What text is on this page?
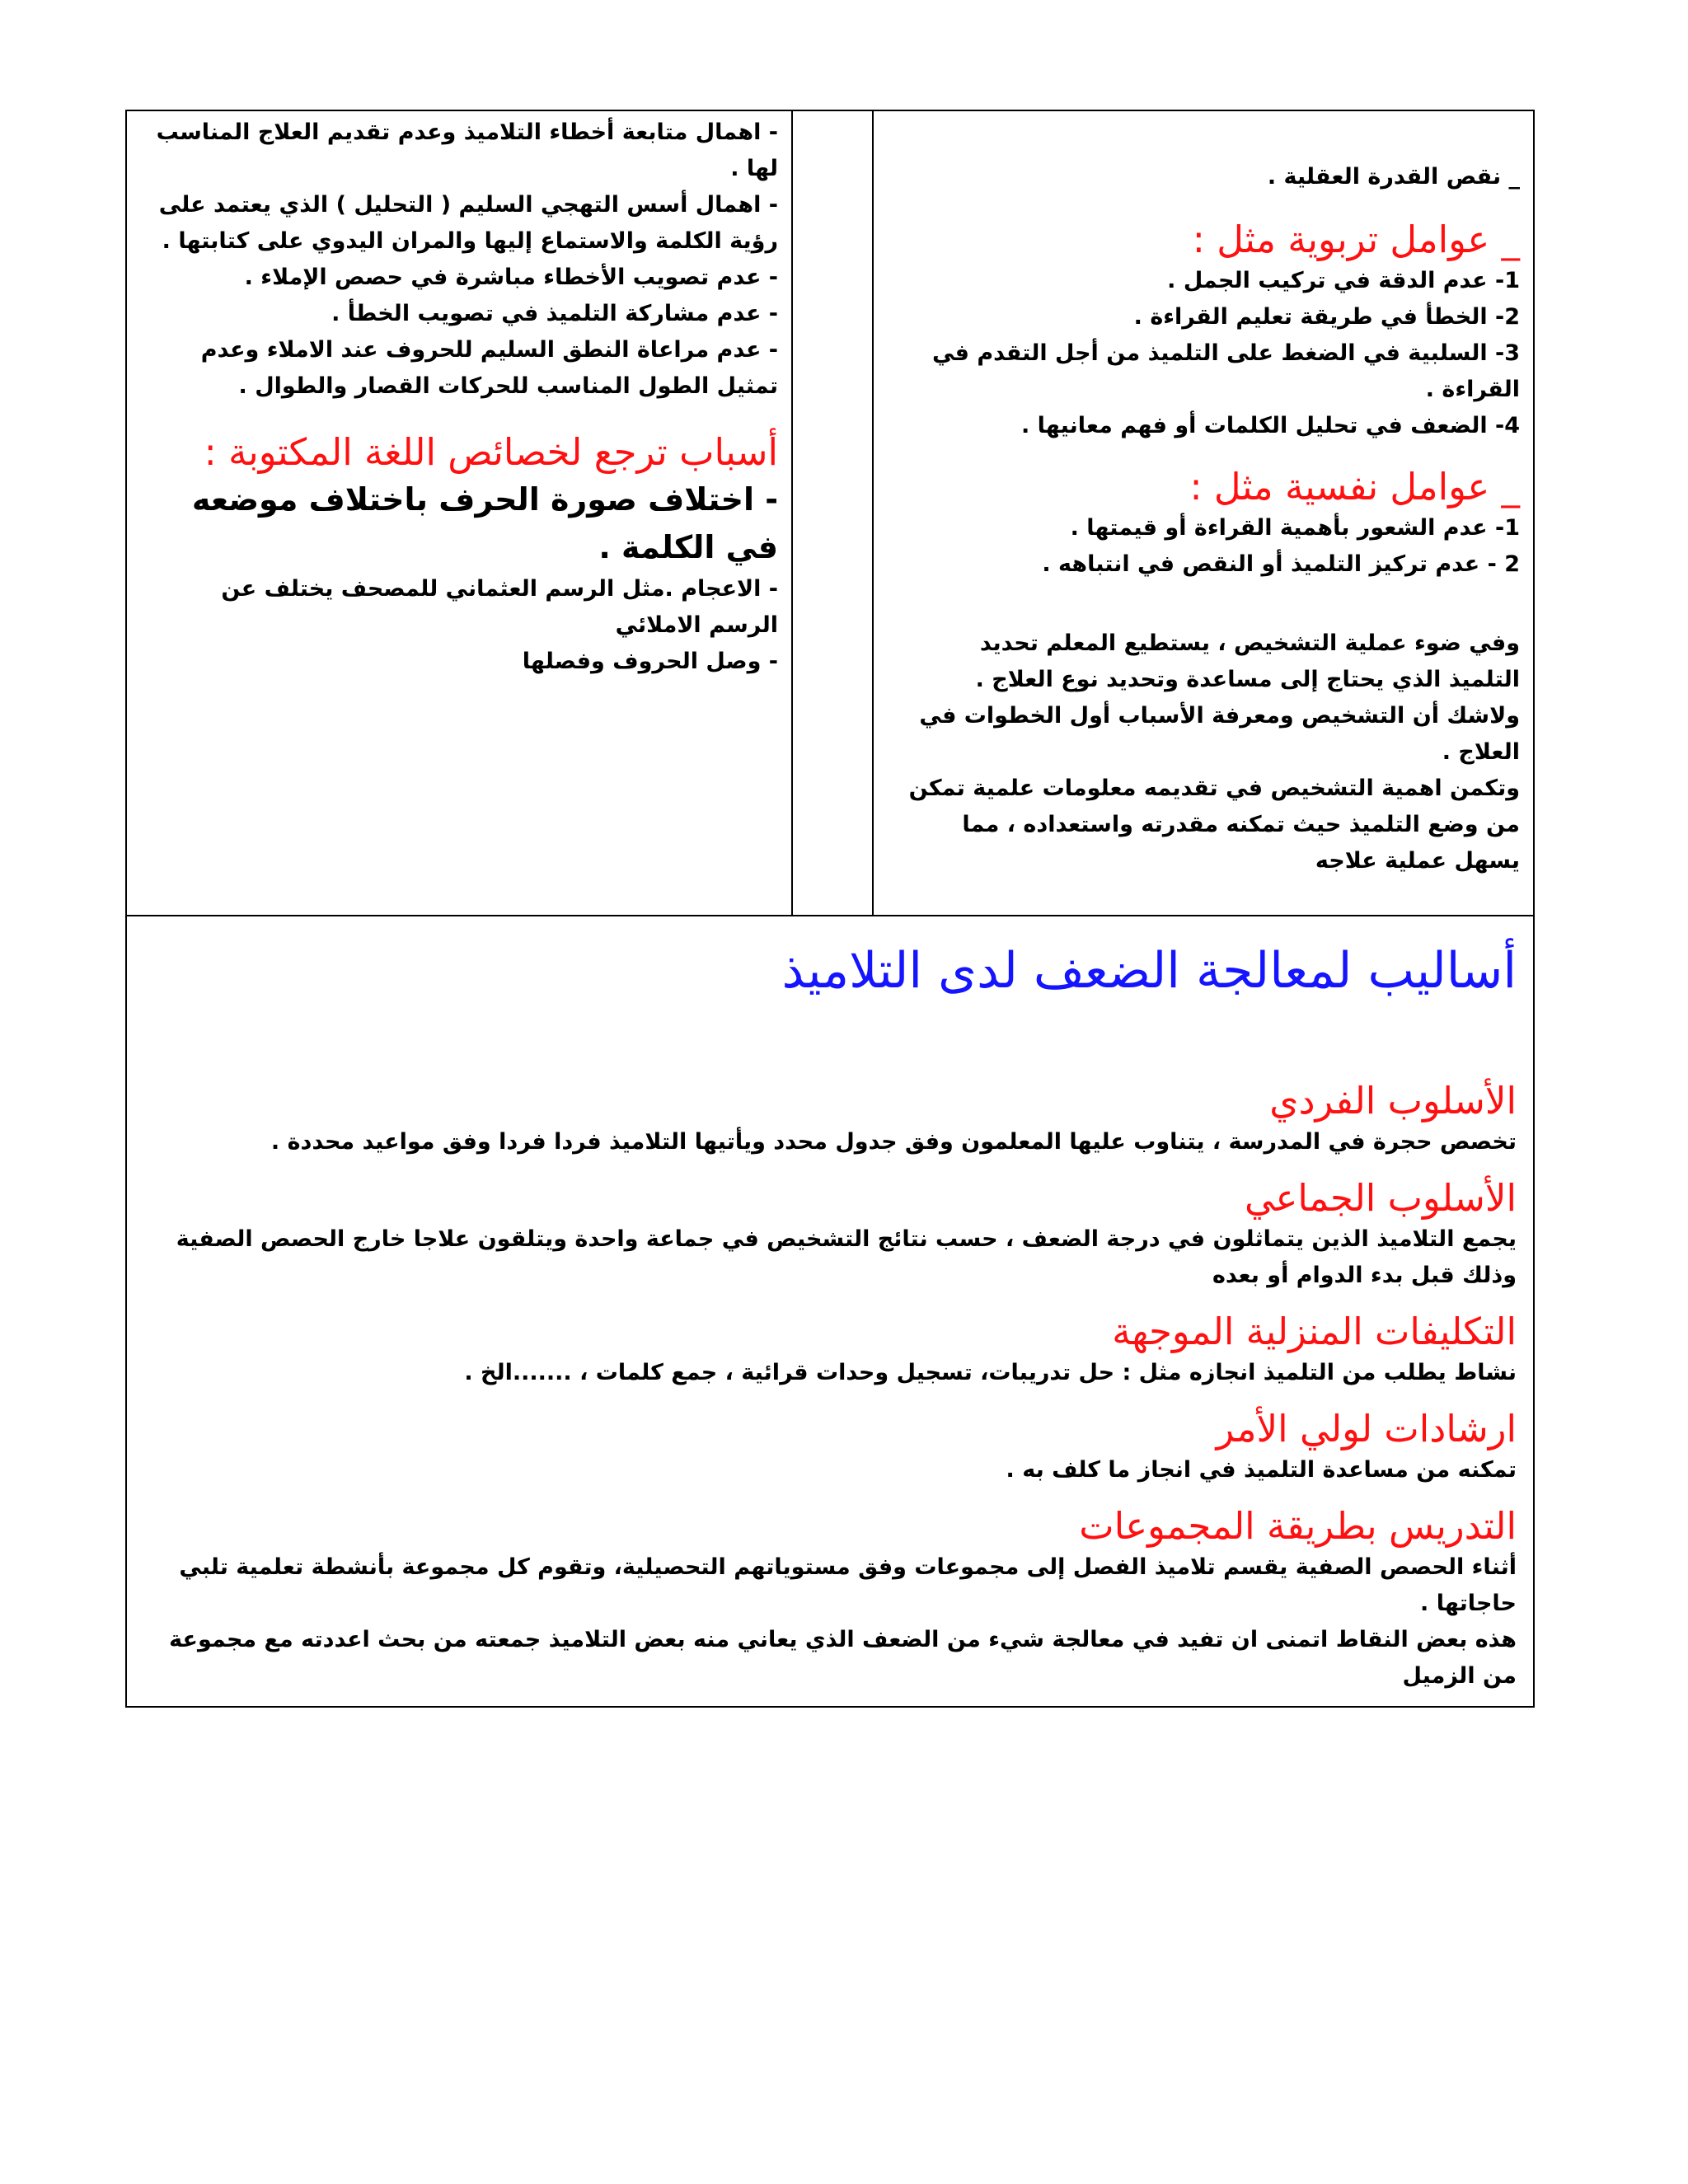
_ نقص القدرة العقلية .

_ عوامل تربوية مثل :

1- عدم الدقة في تركيب الجمل .

2- الخطأ في طريقة تعليم القراءة .

3- السلبية في الضغط على التلميذ من أجل التقدم في القراءة .

4- الضعف في تحليل الكلمات أو فهم معانيها .

_ عوامل نفسية مثل :

1- عدم الشعور بأهمية القراءة أو قيمتها .

2 - عدم تركيز التلميذ أو النقص في انتباهه .

وفي ضوء عملية التشخيص ، يستطيع المعلم تحديد التلميذ الذي يحتاج إلى مساعدة وتحديد نوع العلاج .

ولاشك أن التشخيص ومعرفة الأسباب أول الخطوات في العلاج .

وتكمن اهمية التشخيص في تقديمه معلومات علمية تمكن من وضع التلميذ حيث تمكنه مقدرته واستعداده ، مما يسهل عملية علاجه

- اهمال متابعة أخطاء التلاميذ وعدم تقديم العلاج المناسب لها .

- اهمال أسس التهجي السليم ( التحليل ) الذي يعتمد على رؤية الكلمة والاستماع إليها والمران اليدوي على كتابتها .

- عدم تصويب الأخطاء مباشرة في حصص الإملاء .

- عدم مشاركة التلميذ في تصويب الخطأ .

- عدم مراعاة النطق السليم للحروف عند الاملاء وعدم تمثيل الطول المناسب للحركات القصار والطوال .

أسباب ترجع لخصائص اللغة المكتوبة :

- اختلاف صورة الحرف باختلاف موضعه في الكلمة .

- الاعجام .مثل الرسم العثماني للمصحف يختلف عن الرسم الاملائي

- وصل الحروف وفصلها

أساليب لمعالجة الضعف لدى التلاميذ

الأسلوب الفردي

تخصص حجرة في المدرسة ، يتناوب عليها المعلمون وفق جدول محدد ويأتيها التلاميذ فردا فردا وفق مواعيد محددة .

الأسلوب الجماعي

يجمع التلاميذ الذين يتماثلون في درجة الضعف ، حسب نتائج التشخيص في جماعة واحدة ويتلقون علاجا خارج الحصص الصفية وذلك قبل بدء الدوام أو بعده

التكليفات المنزلية الموجهة

نشاط يطلب من التلميذ انجازه مثل : حل تدريبات، تسجيل وحدات قرائية ، جمع كلمات ، .......الخ .

ارشادات لولي الأمر

تمكنه من مساعدة التلميذ في انجاز ما كلف به .

التدريس بطريقة المجموعات

أثناء الحصص الصفية يقسم تلاميذ الفصل إلى مجموعات وفق مستوياتهم التحصيلية، وتقوم كل مجموعة بأنشطة تعلمية تلبي حاجاتها .

هذه بعض النقاط اتمنى ان تفيد في معالجة شيء من الضعف الذي يعاني منه بعض التلاميذ جمعته من بحث اعددته مع مجموعة من الزميل
